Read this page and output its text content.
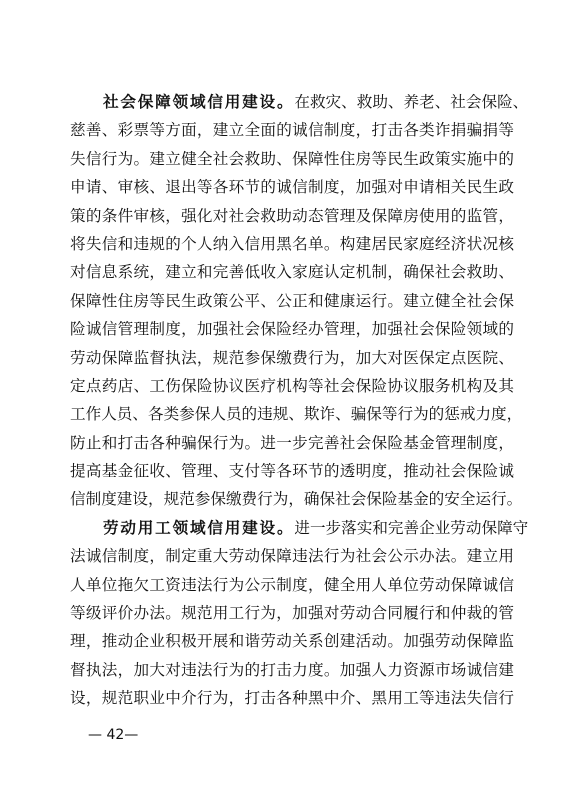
社会保障领域信用建设。 在救灾、救助、养老、社会保险、
慈善、彩票等方面，建立全面的诚信制度，打击各类诈捐骗捐等
失信行为。建立健全社会救助、保障性住房等民生政策实施中的
申请、审核、退出等各环节的诚信制度，加强对申请相关民生政
策的条件审核，强化对社会救助动态管理及保障房使用的监管，
将失信和违规的个人纳入信用黑名单。构建居民家庭经济状况核
对信息系统，建立和完善低收入家庭认定机制，确保社会救助、
保障性住房等民生政策公平、公正和健康运行。建立健全社会保
险诚信管理制度，加强社会保险经办管理，加强社会保险领域的
劳动保障监督执法，规范参保缴费行为，加大对医保定点医院、
定点药店、工伤保险协议医疗机构等社会保险协议服务机构及其
工作人员、各类参保人员的违规、欺诈、骗保等行为的惩戒力度，
防止和打击各种骗保行为。进一步完善社会保险基金管理制度，
提高基金征收、管理、支付等各环节的透明度，推动社会保险诚
信制度建设，规范参保缴费行为，确保社会保险基金的安全运行。
劳动用工领域信用建设。 进一步落实和完善企业劳动保障守
法诚信制度，制定重大劳动保障违法行为社会公示办法。建立用
人单位拖欠工资违法行为公示制度，健全用人单位劳动保障诚信
等级评价办法。规范用工行为，加强对劳动合同履行和仲裁的管
理，推动企业积极开展和谐劳动关系创建活动。加强劳动保障监
督执法，加大对违法行为的打击力度。加强人力资源市场诚信建
设，规范职业中介行为，打击各种黑中介、黑用工等违法失信行
— 42—
